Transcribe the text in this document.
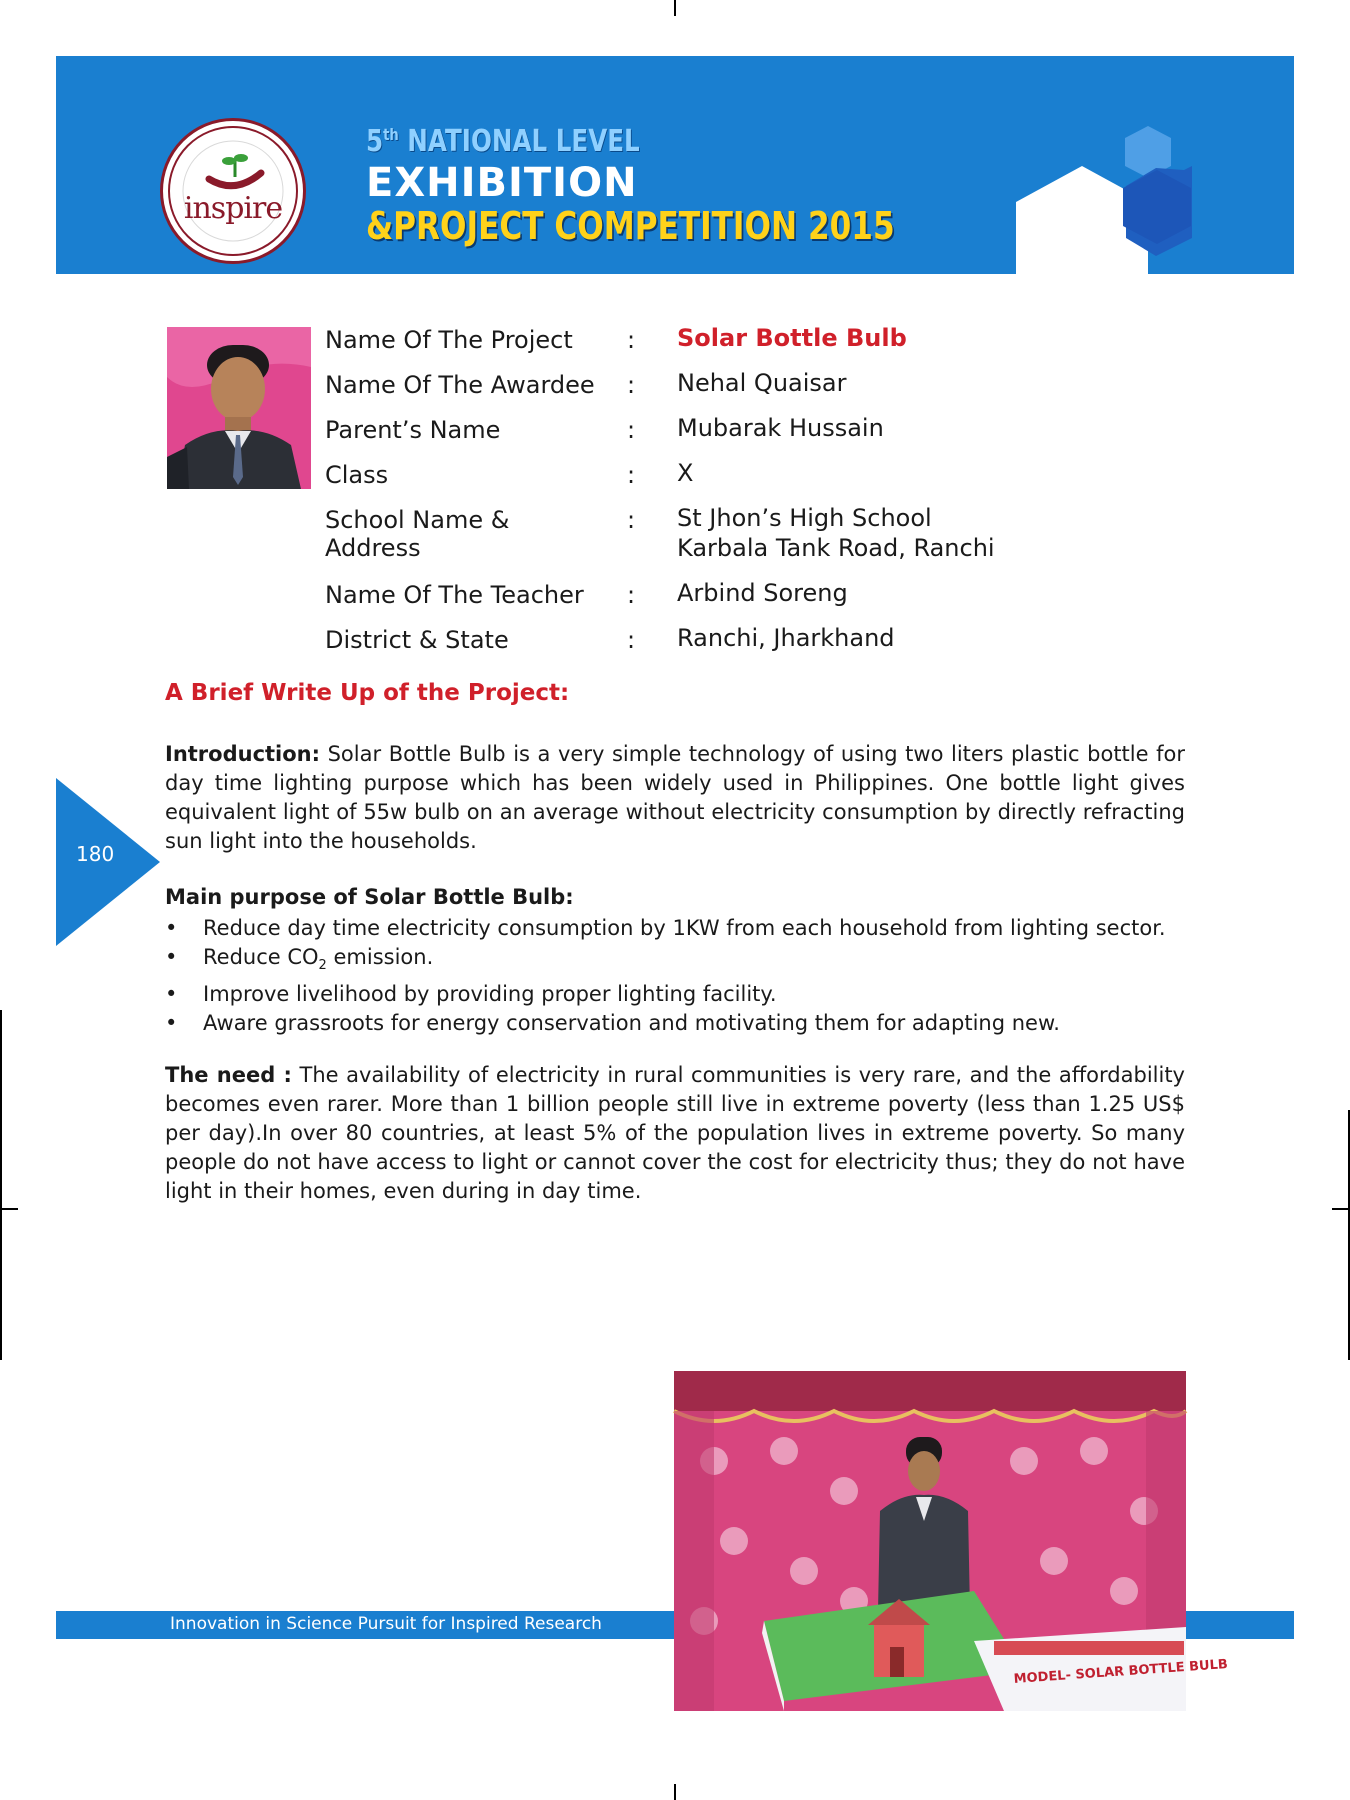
inspire
5th NATIONAL LEVEL
EXHIBITION
&PROJECT COMPETITION 2015
Name Of The Project	: Solar Bottle Bulb
Name Of The Awardee	: Nehal Quaisar
Parent’s Name	: Mubarak Hussain
Class	: X
School Name & Address
: St Jhon’s High School
Karbala Tank Road, Ranchi
Name Of The Teacher	: Arbind Soreng
District & State	: Ranchi, Jharkhand
A Brief Write Up of the Project:
Introduction: Solar Bottle Bulb is a very simple technology of using two liters plastic bottle for day time lighting purpose which has been widely used in Philippines. One bottle light gives equivalent light of 55w bulb on an average without electricity consumption by directly refracting sun light into the households.
Main purpose of Solar Bottle Bulb:
• Reduce day time electricity consumption by 1KW from each household from lighting sector.
• Reduce $CO_2$ emission.
• Improve livelihood by providing proper lighting facility.
• Aware grassroots for energy conservation and motivating them for adapting new.
The need : The availability of electricity in rural communities is very rare, and the affordability becomes even rarer. More than 1 billion people still live in extreme poverty (less than 1.25 US$ per day).In over 80 countries, at least 5% of the population lives in extreme poverty. So many people do not have access to light or cannot cover the cost for electricity thus; they do not have light in their homes, even during in day time.
180
Innovation in Science Pursuit for Inspired Research
MODEL- SOLAR BOTTLE BULB
